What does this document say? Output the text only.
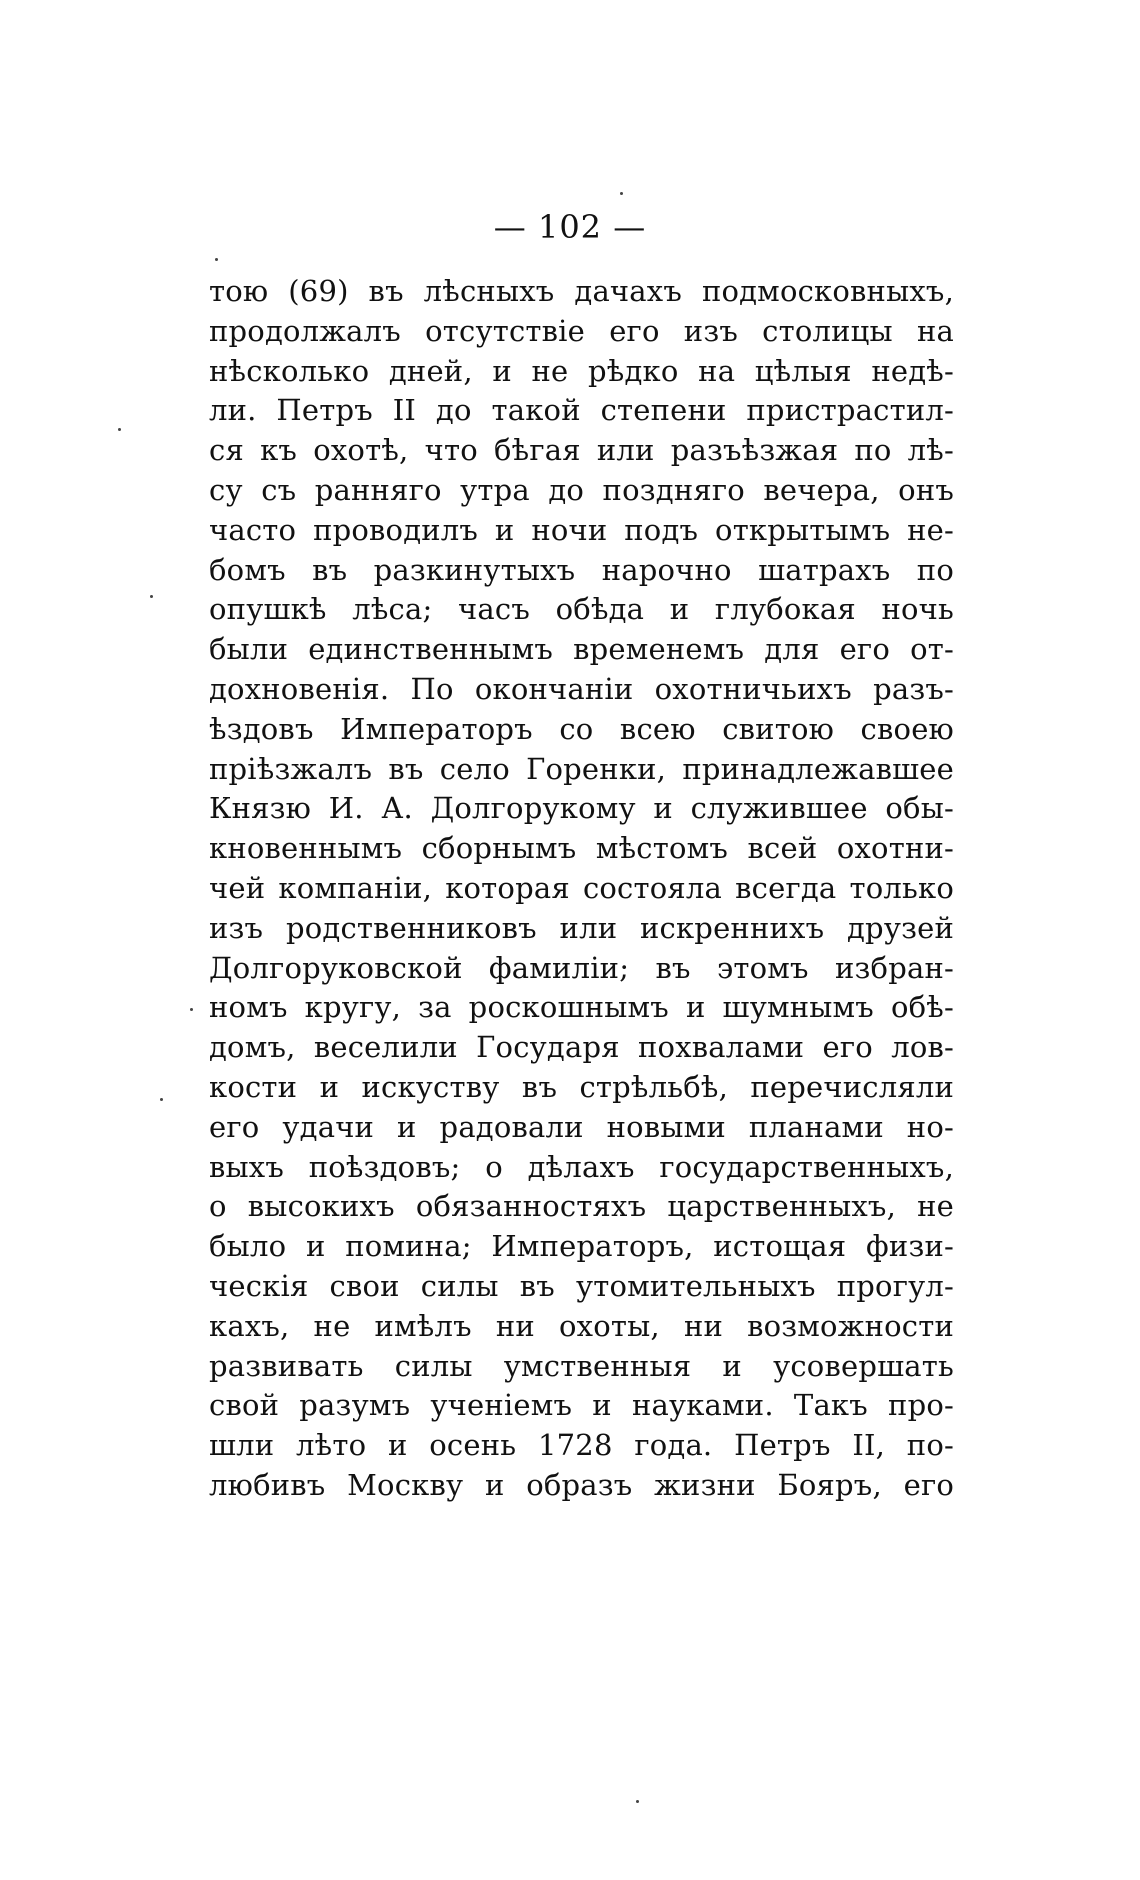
— 102 —
тою (69) въ лѣсныхъ дачахъ подмосковныхъ,
продолжалъ отсутствіе его изъ столицы на
нѣсколько дней, и не рѣдко на цѣлыя недѣ-
ли. Петръ II до такой степени пристрастил-
ся къ охотѣ, что бѣгая или разъѣзжая по лѣ-
су съ ранняго утра до поздняго вечера, онъ
часто проводилъ и ночи подъ открытымъ не-
бомъ въ разкинутыхъ нарочно шатрахъ по
опушкѣ лѣса; часъ обѣда и глубокая ночь
были единственнымъ временемъ для его от-
дохновенія. По окончаніи охотничьихъ разъ-
ѣздовъ Императоръ со всею свитою своею
пріѣзжалъ въ село Горенки, принадлежавшее
Князю И. А. Долгорукому и служившее обы-
кновеннымъ сборнымъ мѣстомъ всей охотни-
чей компаніи, которая состояла всегда только
изъ родственниковъ или искреннихъ друзей
Долгоруковской фамиліи; въ этомъ избран-
номъ кругу, за роскошнымъ и шумнымъ обѣ-
домъ, веселили Государя похвалами его лов-
кости и искуству въ стрѣльбѣ, перечисляли
его удачи и радовали новыми планами но-
выхъ поѣздовъ; о дѣлахъ государственныхъ,
о высокихъ обязанностяхъ царственныхъ, не
было и помина; Императоръ, истощая физи-
ческія свои силы въ утомительныхъ прогул-
кахъ, не имѣлъ ни охоты, ни возможности
развивать силы умственныя и усовершать
свой разумъ ученіемъ и науками. Такъ про-
шли лѣто и осень 1728 года. Петръ II, по-
любивъ Москву и образъ жизни Бояръ, его
